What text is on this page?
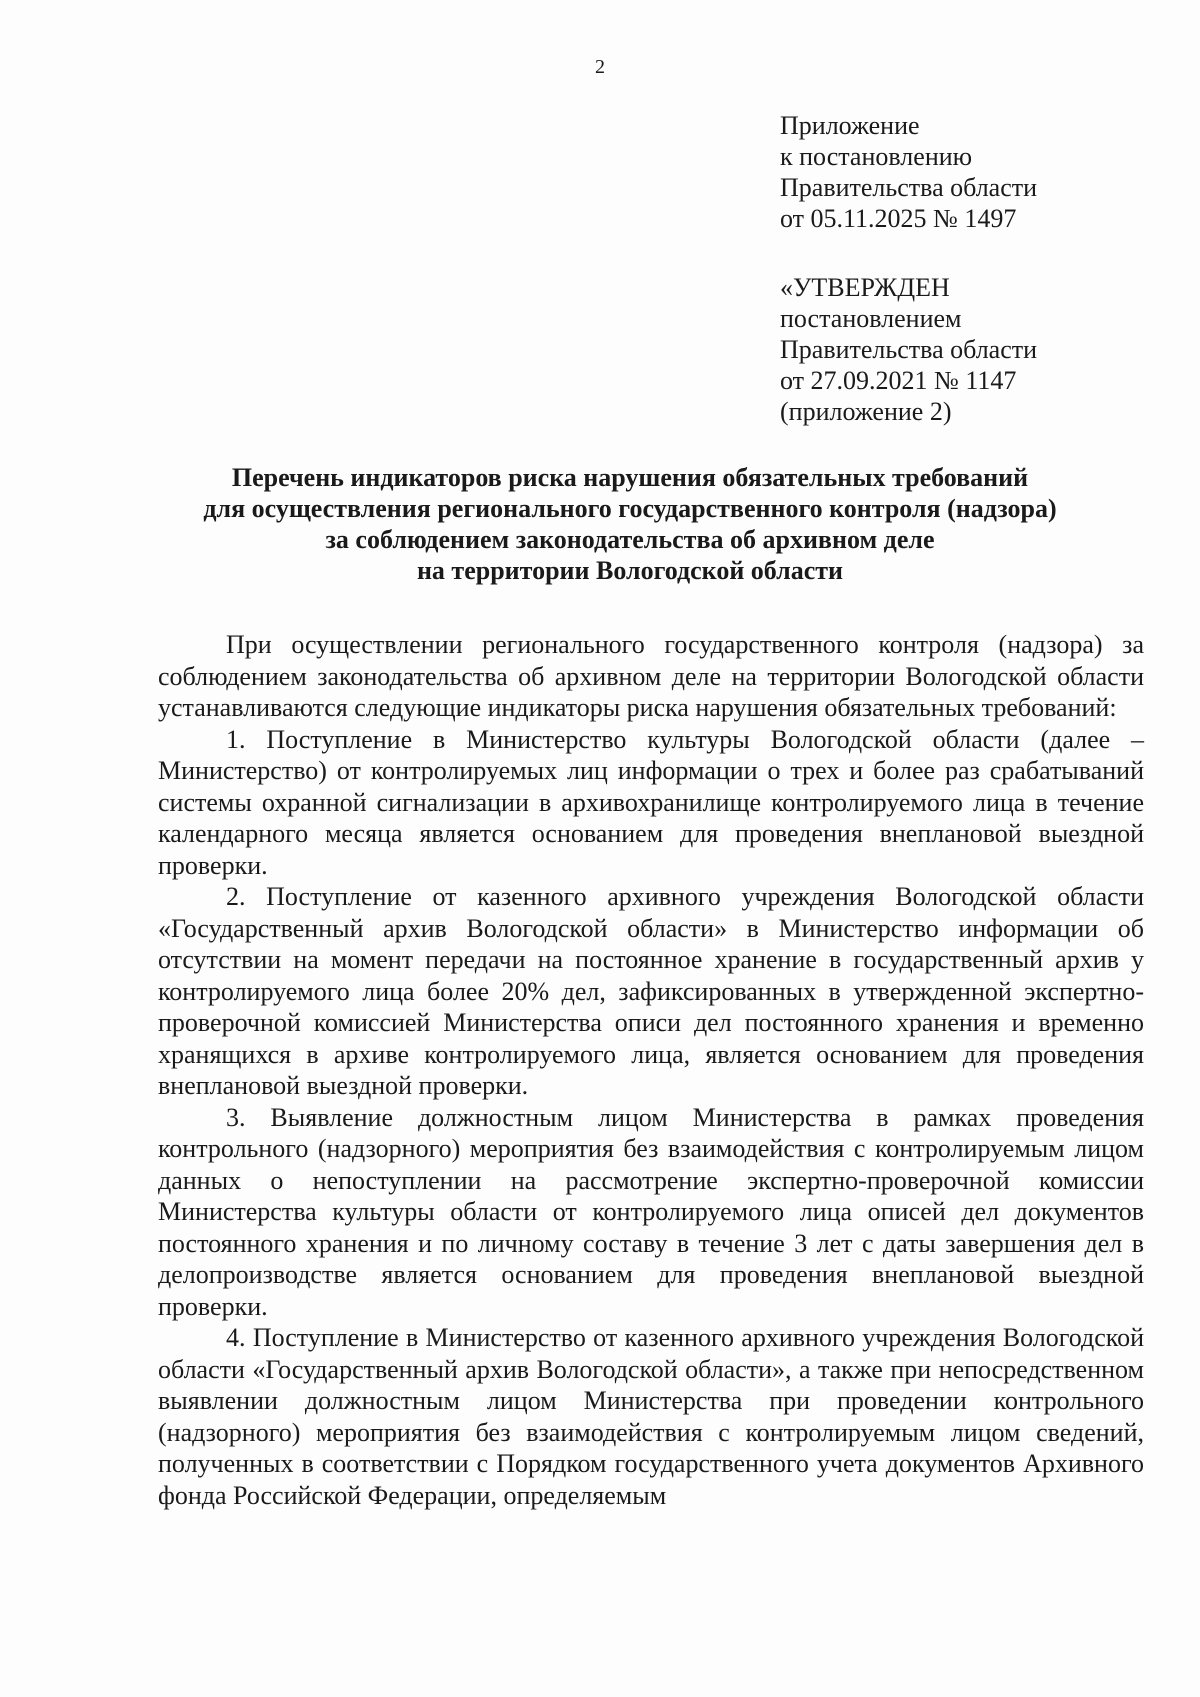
2
Приложение
к постановлению
Правительства области
от 05.11.2025 № 1497
«УТВЕРЖДЕН
постановлением
Правительства области
от 27.09.2021 № 1147
(приложение 2)
Перечень индикаторов риска нарушения обязательных требований
для осуществления регионального государственного контроля (надзора)
за соблюдением законодательства об архивном деле
на территории Вологодской области

При осуществлении регионального государственного контроля (надзора) за соблюдением законодательства об архивном деле на территории Вологодской области устанавливаются следующие индикаторы риска нарушения обязательных требований:

1. Поступление в Министерство культуры Вологодской области (далее – Министерство) от контролируемых лиц информации о трех и более раз срабатываний системы охранной сигнализации в архивохранилище контролируемого лица в течение календарного месяца является основанием для проведения внеплановой выездной проверки.

2. Поступление от казенного архивного учреждения Вологодской области «Государственный архив Вологодской области» в Министерство информации об отсутствии на момент передачи на постоянное хранение в государственный архив у контролируемого лица более 20% дел, зафиксированных в утвержденной экспертно-проверочной комиссией Министерства описи дел постоянного хранения и временно хранящихся в архиве контролируемого лица, является основанием для проведения внеплановой выездной проверки.

3. Выявление должностным лицом Министерства в рамках проведения контрольного (надзорного) мероприятия без взаимодействия с контролируемым лицом данных о непоступлении на рассмотрение экспертно-проверочной комиссии Министерства культуры области от контролируемого лица описей дел документов постоянного хранения и по личному составу в течение 3 лет с даты завершения дел в делопроизводстве является основанием для проведения внеплановой выездной проверки.

4. Поступление в Министерство от казенного архивного учреждения Вологодской области «Государственный архив Вологодской области», а также при непосредственном выявлении должностным лицом Министерства при проведении контрольного (надзорного) мероприятия без взаимодействия с контролируемым лицом сведений, полученных в соответствии с Порядком государственного учета документов Архивного фонда Российской Федерации, определяемым
